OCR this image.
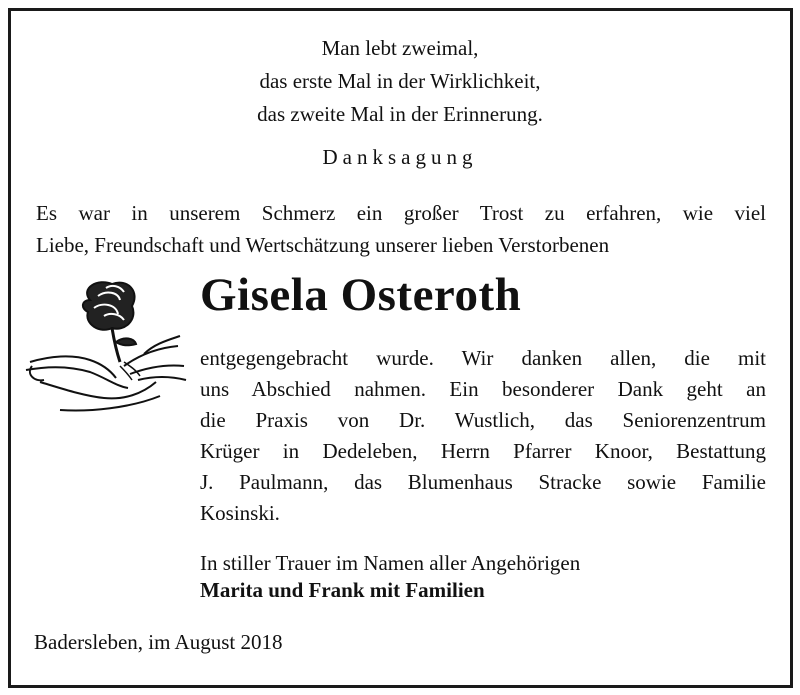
Man lebt zweimal,
das erste Mal in der Wirklichkeit,
das zweite Mal in der Erinnerung.
Danksagung
Es war in unserem Schmerz ein großer Trost zu erfahren, wie viel
Liebe, Freundschaft und Wertschätzung unserer lieben Verstorbenen
Gisela Osteroth
entgegengebracht wurde. Wir danken allen, die mit
uns Abschied nahmen. Ein besonderer Dank geht an
die Praxis von Dr. Wustlich, das Seniorenzentrum
Krüger in Dedeleben, Herrn Pfarrer Knoor, Bestattung
J. Paulmann, das Blumenhaus Stracke sowie Familie
Kosinski.
In stiller Trauer im Namen aller Angehörigen
Marita und Frank mit Familien
Badersleben, im August 2018
